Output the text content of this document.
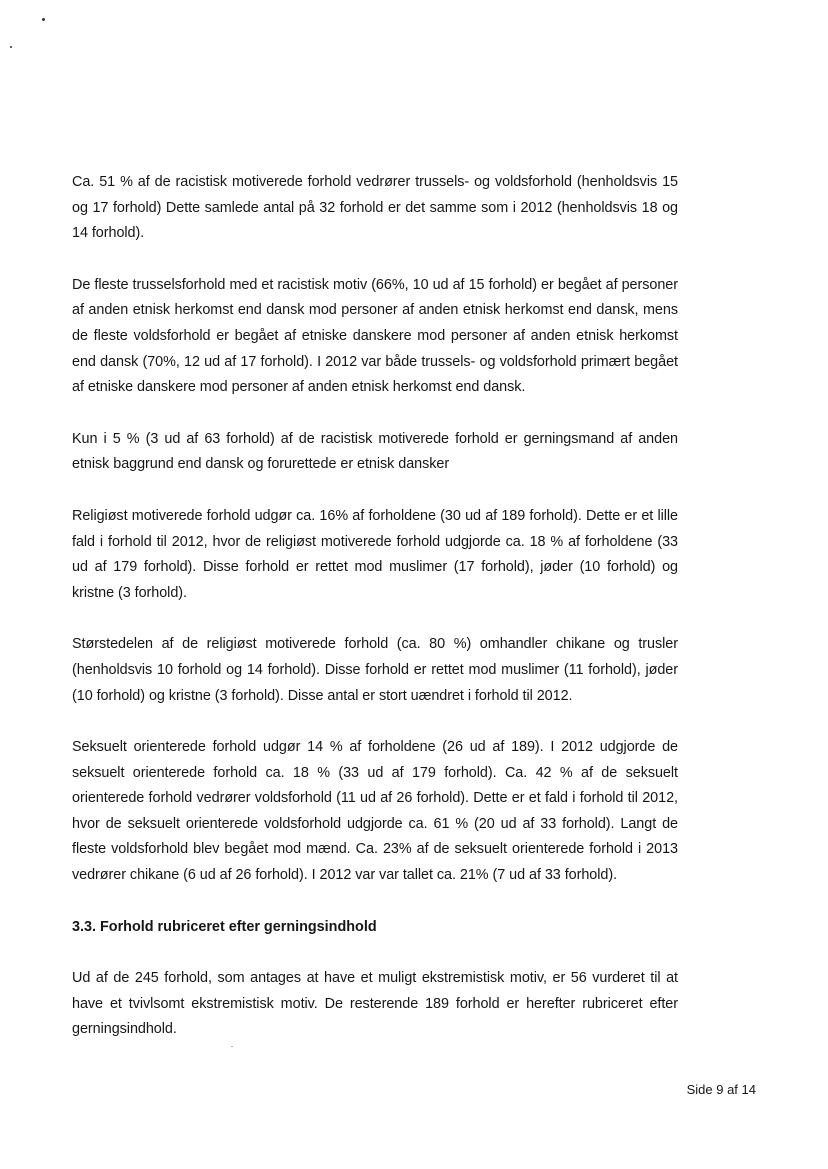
Ca. 51 % af de racistisk motiverede forhold vedrører trussels- og voldsforhold (henholdsvis 15 og 17 forhold) Dette samlede antal på 32 forhold er det samme som i 2012 (henholdsvis 18 og 14 forhold).

De fleste trusselsforhold med et racistisk motiv (66%, 10 ud af 15 forhold) er begået af personer af anden etnisk herkomst end dansk mod personer af anden etnisk herkomst end dansk, mens de fleste voldsforhold er begået af etniske danskere mod personer af anden etnisk herkomst end dansk (70%, 12 ud af 17 forhold). I 2012 var både trussels- og voldsforhold primært begået af etniske danskere mod personer af anden etnisk herkomst end dansk.

Kun i 5 % (3 ud af 63 forhold) af de racistisk motiverede forhold er gerningsmand af anden etnisk baggrund end dansk og forurettede er etnisk dansker

Religiøst motiverede forhold udgør ca. 16% af forholdene (30 ud af 189 forhold). Dette er et lille fald i forhold til 2012, hvor de religiøst motiverede forhold udgjorde ca. 18 % af forholdene (33 ud af 179 forhold). Disse forhold er rettet mod muslimer (17 forhold), jøder (10 forhold) og kristne (3 forhold).

Størstedelen af de religiøst motiverede forhold (ca. 80 %) omhandler chikane og trusler (henholdsvis 10 forhold og 14 forhold). Disse forhold er rettet mod muslimer (11 forhold), jøder (10 forhold) og kristne (3 forhold). Disse antal er stort uændret i forhold til 2012.

Seksuelt orienterede forhold udgør 14 % af forholdene (26 ud af 189). I 2012 udgjorde de seksuelt orienterede forhold ca. 18 % (33 ud af 179 forhold). Ca. 42 % af de seksuelt orienterede forhold vedrører voldsforhold (11 ud af 26 forhold). Dette er et fald i forhold til 2012, hvor de seksuelt orienterede voldsforhold udgjorde ca. 61 % (20 ud af 33 forhold). Langt de fleste voldsforhold blev begået mod mænd. Ca. 23% af de seksuelt orienterede forhold i 2013 vedrører chikane (6 ud af 26 forhold). I 2012 var var tallet ca. 21% (7 ud af 33 forhold).

3.3. Forhold rubriceret efter gerningsindhold

Ud af de 245 forhold, som antages at have et muligt ekstremistisk motiv, er 56 vurderet til at have et tvivlsomt ekstremistisk motiv. De resterende 189 forhold er herefter rubriceret efter gerningsindhold.

Side 9 af 14
